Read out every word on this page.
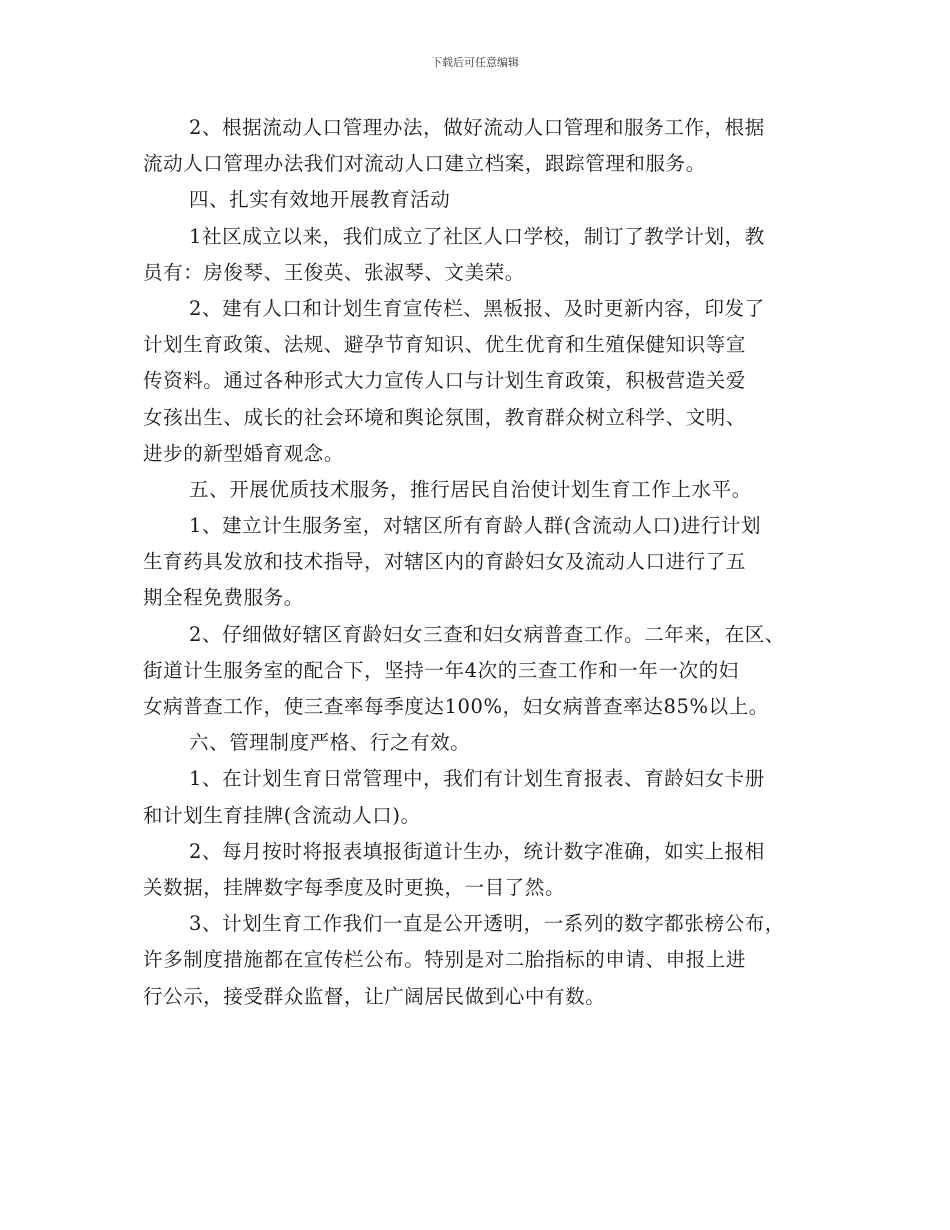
下载后可任意编辑
2、根据流动人口管理办法，做好流动人口管理和服务工作，根据
流动人口管理办法我们对流动人口建立档案，跟踪管理和服务。
四、扎实有效地开展教育活动
1社区成立以来，我们成立了社区人口学校，制订了教学计划，教
员有：房俊琴、王俊英、张淑琴、文美荣。
2、建有人口和计划生育宣传栏、黑板报、及时更新内容，印发了
计划生育政策、法规、避孕节育知识、优生优育和生殖保健知识等宣
传资料。通过各种形式大力宣传人口与计划生育政策，积极营造关爱
女孩出生、成长的社会环境和舆论氛围，教育群众树立科学、文明、
进步的新型婚育观念。
五、开展优质技术服务，推行居民自治使计划生育工作上水平。
1、建立计生服务室，对辖区所有育龄人群(含流动人口)进行计划
生育药具发放和技术指导，对辖区内的育龄妇女及流动人口进行了五
期全程免费服务。
2、仔细做好辖区育龄妇女三查和妇女病普查工作。二年来，在区、
街道计生服务室的配合下，坚持一年4次的三查工作和一年一次的妇
女病普查工作，使三查率每季度达100%，妇女病普查率达85%以上。
六、管理制度严格、行之有效。
1、在计划生育日常管理中，我们有计划生育报表、育龄妇女卡册
和计划生育挂牌(含流动人口)。
2、每月按时将报表填报街道计生办，统计数字准确，如实上报相
关数据，挂牌数字每季度及时更换，一目了然。
3、计划生育工作我们一直是公开透明，一系列的数字都张榜公布，
许多制度措施都在宣传栏公布。特别是对二胎指标的申请、申报上进
行公示，接受群众监督，让广阔居民做到心中有数。
